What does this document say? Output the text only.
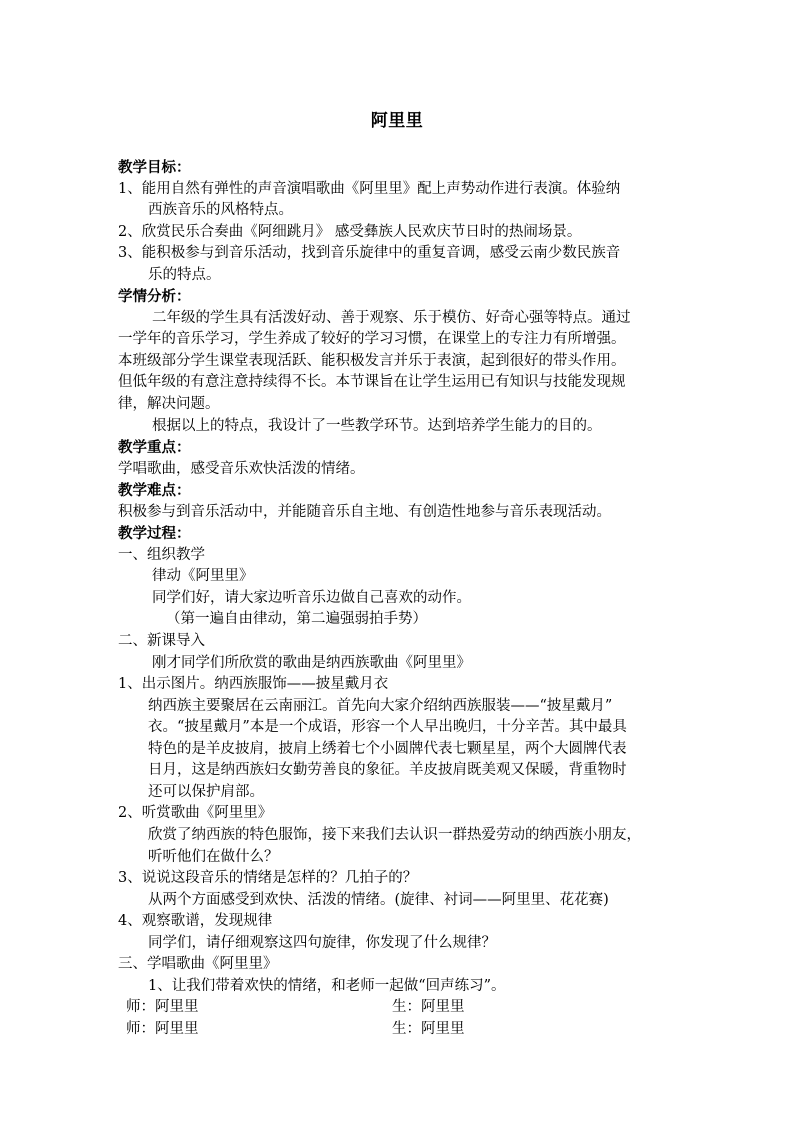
阿里里
教学目标：
1、能用自然有弹性的声音演唱歌曲《阿里里》配上声势动作进行表演。体验纳
西族音乐的风格特点。
2、欣赏民乐合奏曲《阿细跳月》 感受彝族人民欢庆节日时的热闹场景。
3、能积极参与到音乐活动，找到音乐旋律中的重复音调，感受云南少数民族音
乐的特点。
学情分析：
二年级的学生具有活泼好动、善于观察、乐于模仿、好奇心强等特点。通过
一学年的音乐学习，学生养成了较好的学习习惯，在课堂上的专注力有所增强。
本班级部分学生课堂表现活跃、能积极发言并乐于表演，起到很好的带头作用。
但低年级的有意注意持续得不长。本节课旨在让学生运用已有知识与技能发现规
律，解决问题。
根据以上的特点，我设计了一些教学环节。达到培养学生能力的目的。
教学重点：
学唱歌曲，感受音乐欢快活泼的情绪。
教学难点：
积极参与到音乐活动中，并能随音乐自主地、有创造性地参与音乐表现活动。
教学过程：
一、组织教学
律动《阿里里》
同学们好，请大家边听音乐边做自己喜欢的动作。
（第一遍自由律动，第二遍强弱拍手势）
二、新课导入
刚才同学们所欣赏的歌曲是纳西族歌曲《阿里里》
1、出示图片。纳西族服饰——披星戴月衣
纳西族主要聚居在云南丽江。首先向大家介绍纳西族服装——“披星戴月”
衣。“披星戴月”本是一个成语，形容一个人早出晚归，十分辛苦。其中最具
特色的是羊皮披肩，披肩上绣着七个小圆牌代表七颗星星，两个大圆牌代表
日月，这是纳西族妇女勤劳善良的象征。羊皮披肩既美观又保暖，背重物时
还可以保护肩部。
2、听赏歌曲《阿里里》
欣赏了纳西族的特色服饰，接下来我们去认识一群热爱劳动的纳西族小朋友，
听听他们在做什么？
3、说说这段音乐的情绪是怎样的？几拍子的？
从两个方面感受到欢快、活泼的情绪。(旋律、衬词——阿里里、花花赛)
4、观察歌谱，发现规律
同学们，请仔细观察这四句旋律，你发现了什么规律？
三、学唱歌曲《阿里里》
1、让我们带着欢快的情绪，和老师一起做“回声练习”。
师：阿里里	生：阿里里
师：阿里里	生：阿里里
